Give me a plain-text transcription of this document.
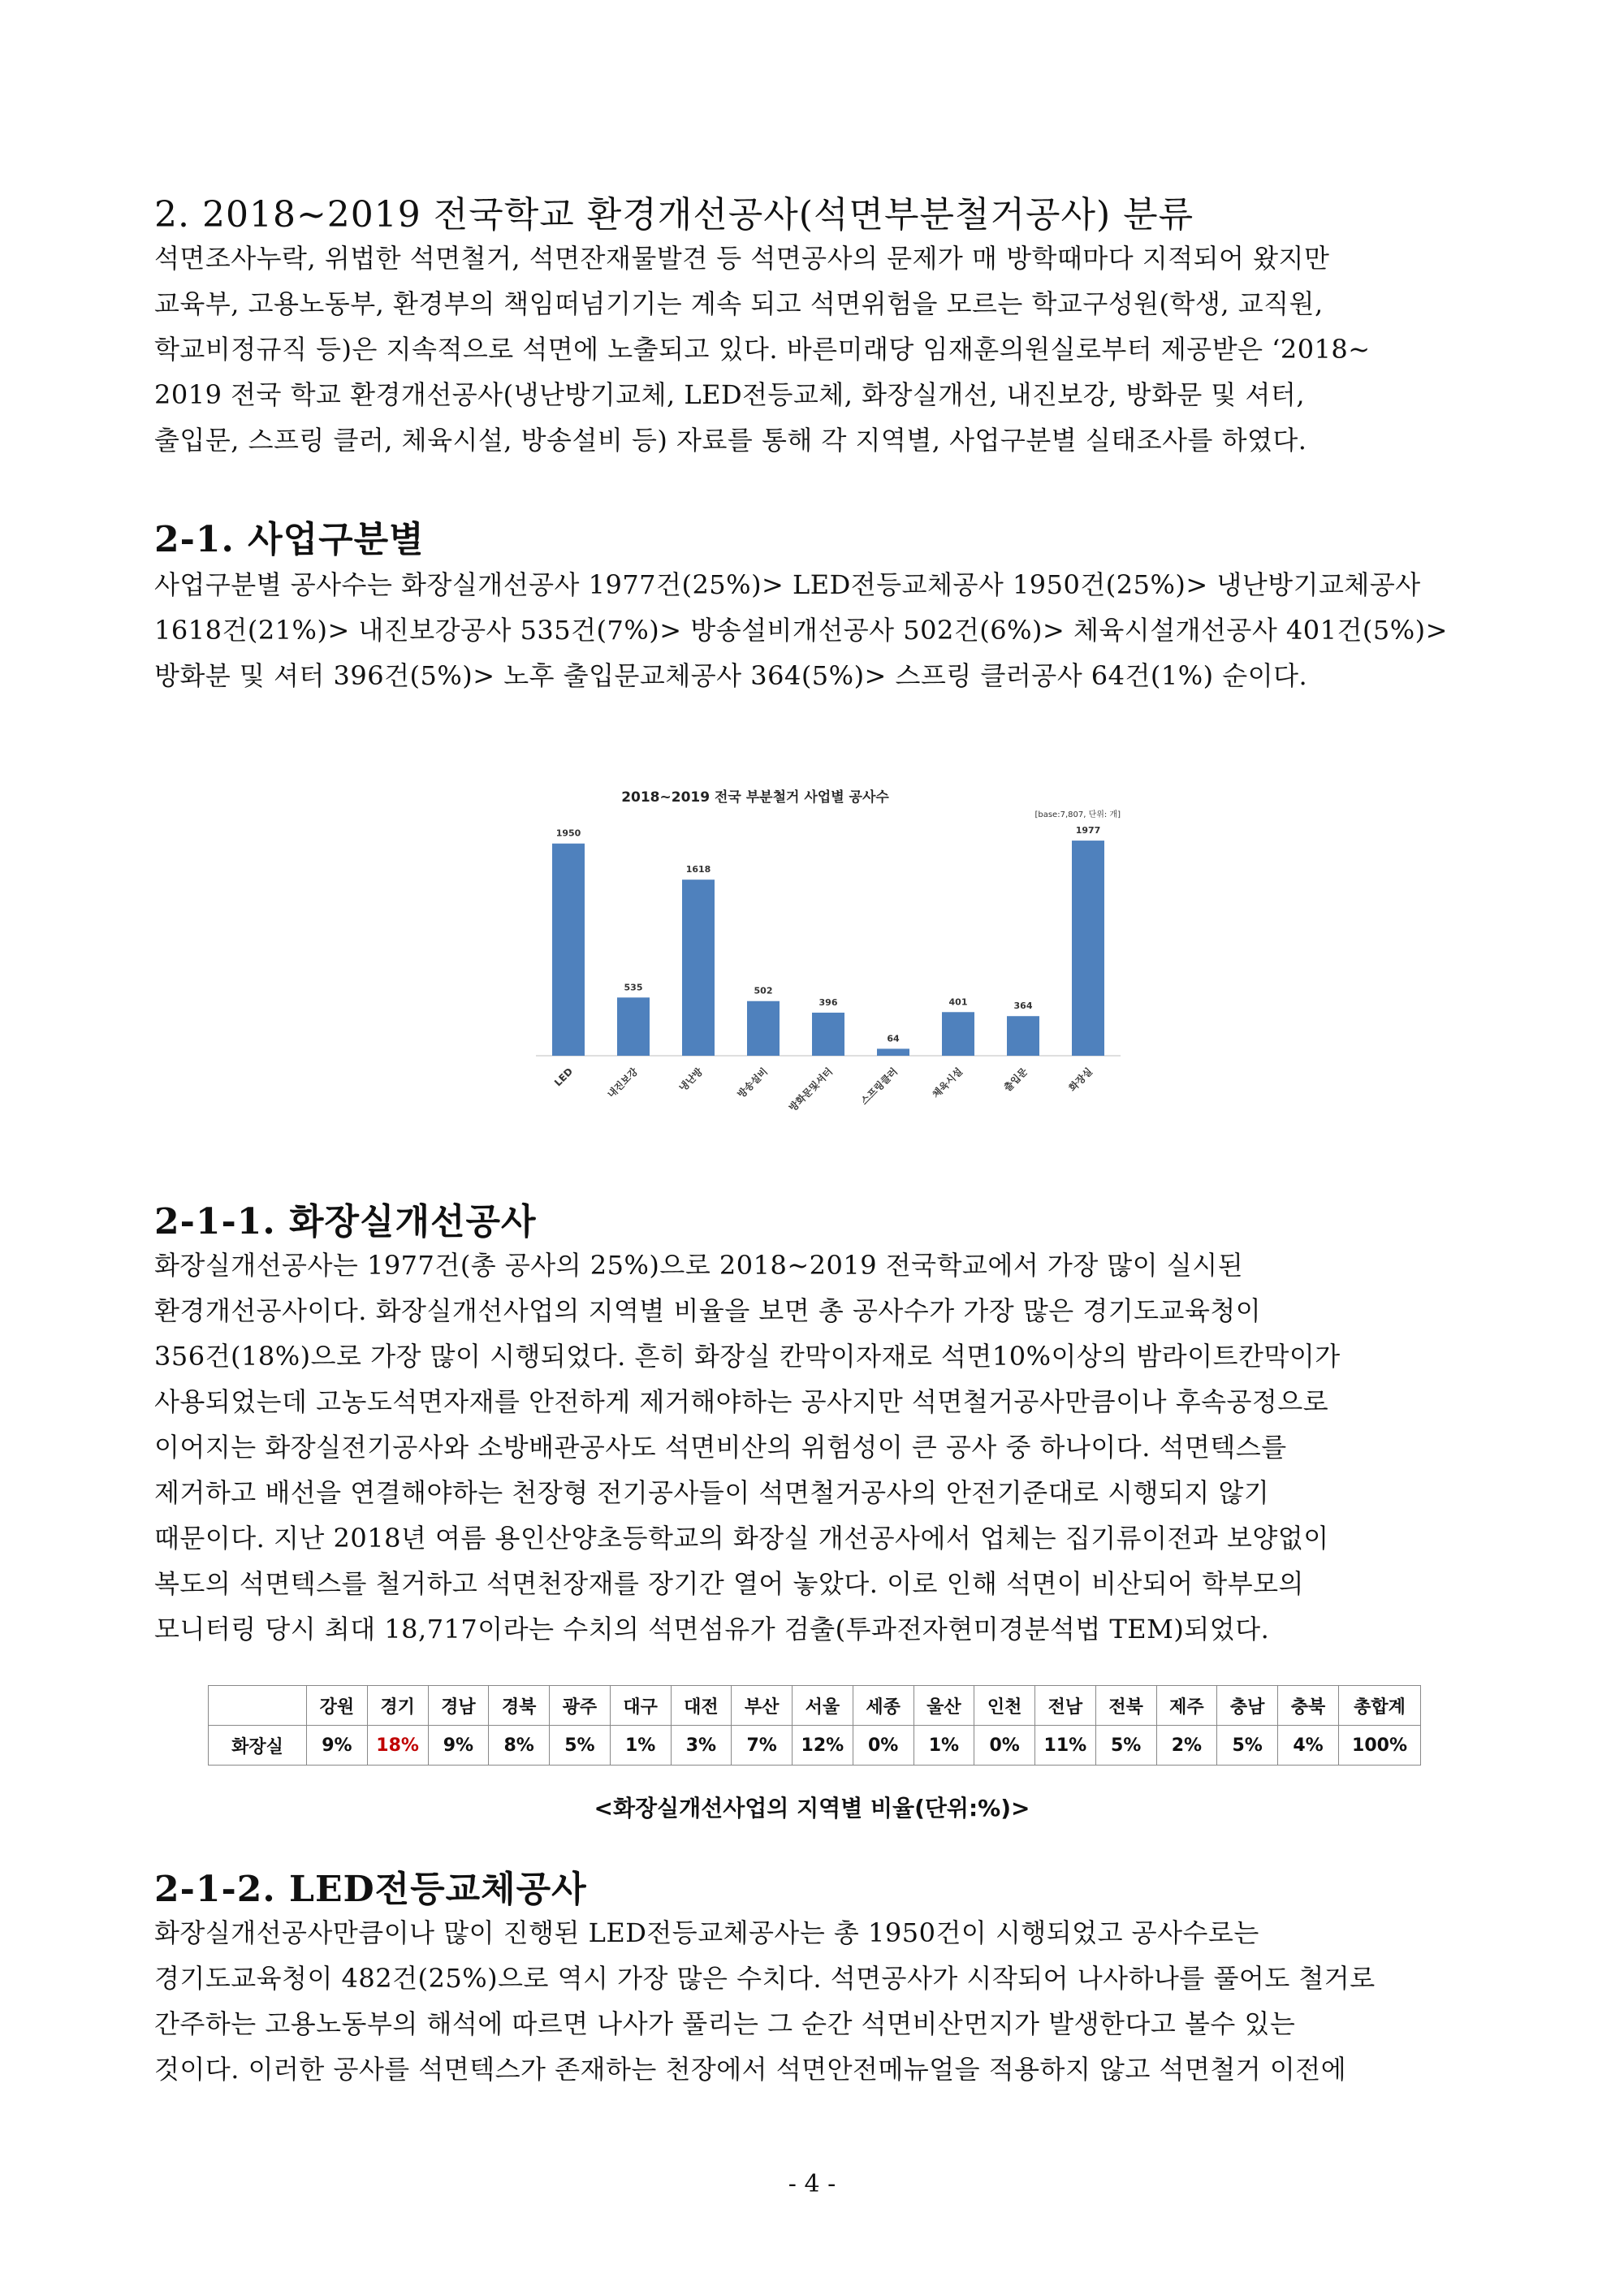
2. 2018~2019 전국학교 환경개선공사(석면부분철거공사) 분류
석면조사누락, 위법한 석면철거, 석면잔재물발견 등 석면공사의 문제가 매 방학때마다 지적되어 왔지만
교육부, 고용노동부, 환경부의 책임떠넘기기는 계속 되고 석면위험을 모르는 학교구성원(학생, 교직원,
학교비정규직 등)은 지속적으로 석면에 노출되고 있다. 바른미래당 임재훈의원실로부터 제공받은 ‘2018~
2019 전국 학교 환경개선공사(냉난방기교체, LED전등교체, 화장실개선, 내진보강, 방화문 및 셔터,
출입문, 스프링 클러, 체육시설, 방송설비 등) 자료를 통해 각 지역별, 사업구분별 실태조사를 하였다.
2-1. 사업구분별
사업구분별 공사수는 화장실개선공사 1977건(25%)> LED전등교체공사 1950건(25%)> 냉난방기교체공사
1618건(21%)> 내진보강공사 535건(7%)> 방송설비개선공사 502건(6%)> 체육시설개선공사 401건(5%)>
방화분 및 셔터 396건(5%)> 노후 출입문교체공사 364(5%)> 스프링 클러공사 64건(1%) 순이다.
2018~2019 전국 부분철거 사업별 공사수
[base:7,807, 단위: 개]
1950
LED
535
내진보강
1618
냉난방
502
방송설비
396
방화문및셔터
64
스프링클러
401
체육시설
364
출입문
1977
화장실
2-1-1. 화장실개선공사
화장실개선공사는 1977건(총 공사의 25%)으로 2018~2019 전국학교에서 가장 많이 실시된
환경개선공사이다. 화장실개선사업의 지역별 비율을 보면 총 공사수가 가장 많은 경기도교육청이
356건(18%)으로 가장 많이 시행되었다. 흔히 화장실 칸막이자재로 석면10%이상의 밤라이트칸막이가
사용되었는데 고농도석면자재를 안전하게 제거해야하는 공사지만 석면철거공사만큼이나 후속공정으로
이어지는 화장실전기공사와 소방배관공사도 석면비산의 위험성이 큰 공사 중 하나이다. 석면텍스를
제거하고 배선을 연결해야하는 천장형 전기공사들이 석면철거공사의 안전기준대로 시행되지 않기
때문이다. 지난 2018년 여름 용인산양초등학교의 화장실 개선공사에서 업체는 집기류이전과 보양없이
복도의 석면텍스를 철거하고 석면천장재를 장기간 열어 놓았다. 이로 인해 석면이 비산되어 학부모의
모니터링 당시 최대 18,717이라는 수치의 석면섬유가 검출(투과전자현미경분석법 TEM)되었다.
	강원	경기	경남	경북	광주	대구	대전	부산	서울	세종	울산	인천	전남	전북	제주	충남	충북	총합계
화장실	9%	18%	9%	8%	5%	1%	3%	7%	12%	0%	1%	0%	11%	5%	2%	5%	4%	100%

<화장실개선사업의 지역별 비율(단위:%)>

2-1-2. LED전등교체공사
화장실개선공사만큼이나 많이 진행된 LED전등교체공사는 총 1950건이 시행되었고 공사수로는
경기도교육청이 482건(25%)으로 역시 가장 많은 수치다. 석면공사가 시작되어 나사하나를 풀어도 철거로
간주하는 고용노동부의 해석에 따르면 나사가 풀리는 그 순간 석면비산먼지가 발생한다고 볼수 있는
것이다. 이러한 공사를 석면텍스가 존재하는 천장에서 석면안전메뉴얼을 적용하지 않고 석면철거 이전에

- 4 -
